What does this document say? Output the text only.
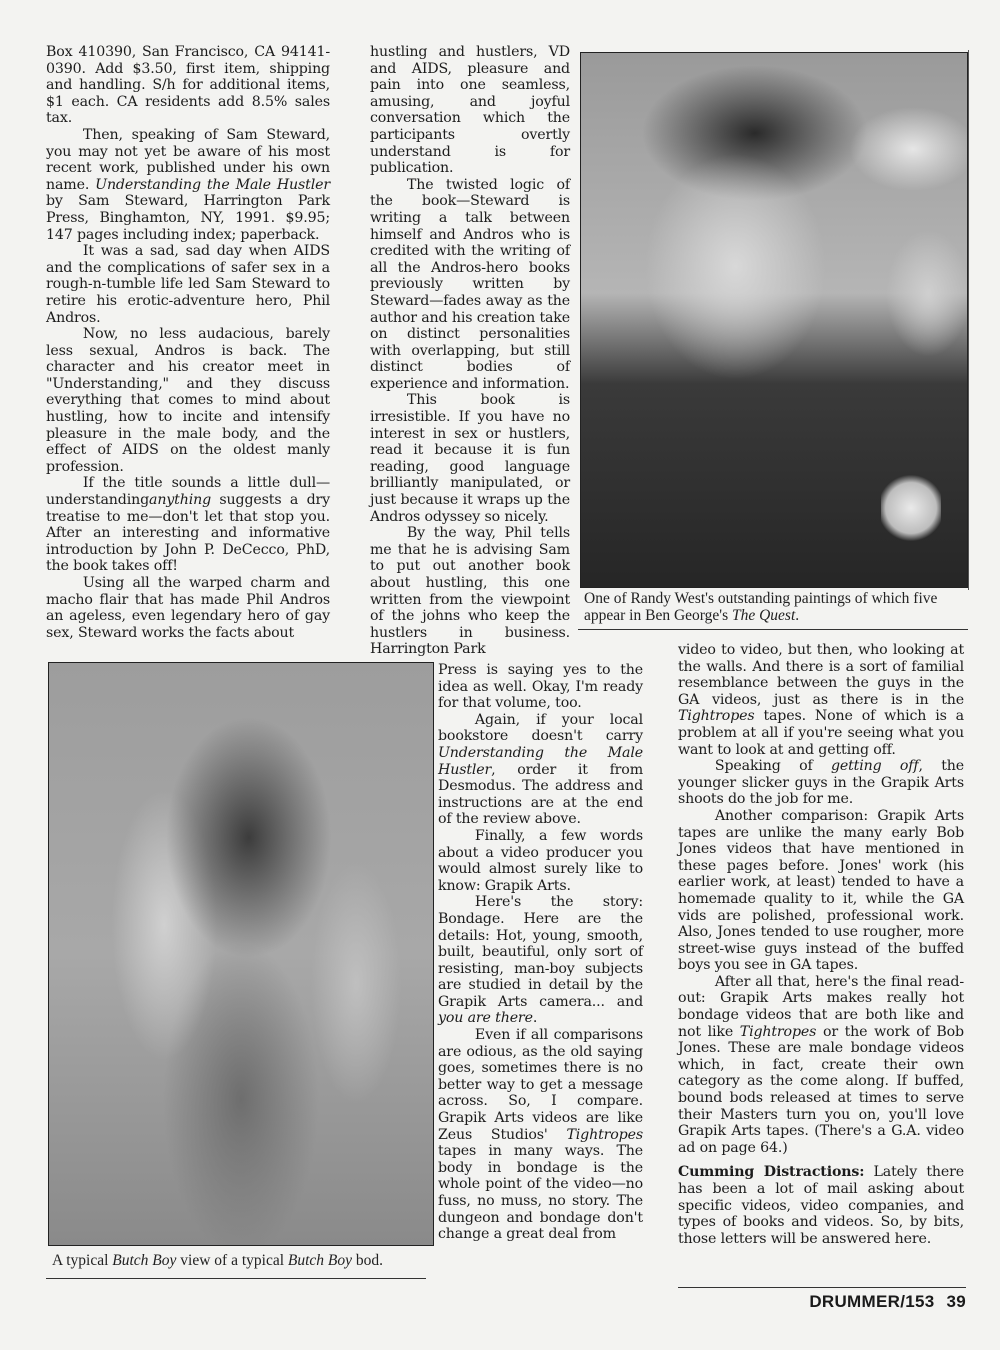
Box 410390, San Francisco, CA 94141-0390. Add $3.50, first item, shipping and handling. S/h for additional items, $1 each. CA residents add 8.5% sales tax.

Then, speaking of Sam Steward, you may not yet be aware of his most recent work, published under his own name. Understanding the Male Hustler by Sam Steward, Harrington Park Press, Binghamton, NY, 1991. $9.95; 147 pages including index; paperback.

It was a sad, sad day when AIDS and the complications of safer sex in a rough-n-tumble life led Sam Steward to retire his erotic-adventure hero, Phil Andros.

Now, no less audacious, barely less sexual, Andros is back. The character and his creator meet in "Understanding," and they discuss everything that comes to mind about hustling, how to incite and intensify pleasure in the male body, and the effect of AIDS on the oldest manly profession.

If the title sounds a little dull—understandinganything suggests a dry treatise to me—don't let that stop you. After an interesting and informative introduction by John P. DeCecco, PhD, the book takes off!

Using all the warped charm and macho flair that has made Phil Andros an ageless, even legendary hero of gay sex, Steward works the facts about

hustling and hustlers, VD and AIDS, pleasure and pain into one seamless, amusing, and joyful conversation which the participants overtly understand is for publication.

The twisted logic of the book—Steward is writing a talk between himself and Andros who is credited with the writing of all the Andros-hero books previously written by Steward—fades away as the author and his creation take on distinct personalities with overlapping, but still distinct bodies of experience and information.

This book is irresistible. If you have no interest in sex or hustlers, read it because it is fun reading, good language brilliantly manipulated, or just because it wraps up the Andros odyssey so nicely.

By the way, Phil tells me that he is advising Sam to put out another book about hustling, this one written from the viewpoint of the johns who keep the hustlers in business. Harrington Park

Press is saying yes to the idea as well. Okay, I'm ready for that volume, too.

Again, if your local bookstore doesn't carry Understanding the Male Hustler, order it from Desmodus. The address and instructions are at the end of the review above.

Finally, a few words about a video producer you would almost surely like to know: Grapik Arts.

Here's the story: Bondage. Here are the details: Hot, young, smooth, built, beautiful, only sort of resisting, man-boy subjects are studied in detail by the Grapik Arts camera... and you are there.

Even if all comparisons are odious, as the old saying goes, sometimes there is no better way to get a message across. So, I compare. Grapik Arts videos are like Zeus Studios' Tightropes tapes in many ways. The body in bondage is the whole point of the video—no fuss, no muss, no story. The dungeon and bondage don't change a great deal from

video to video, but then, who looking at the walls. And there is a sort of familial resemblance between the guys in the GA videos, just as there is in the Tightropes tapes. None of which is a problem at all if you're seeing what you want to look at and getting off.

Speaking of getting off, the younger slicker guys in the Grapik Arts shoots do the job for me.

Another comparison: Grapik Arts tapes are unlike the many early Bob Jones videos that have mentioned in these pages before. Jones' work (his earlier work, at least) tended to have a homemade quality to it, while the GA vids are polished, professional work. Also, Jones tended to use rougher, more street-wise guys instead of the buffed boys you see in GA tapes.

After all that, here's the final read-out: Grapik Arts makes really hot bondage videos that are both like and not like Tightropes or the work of Bob Jones. These are male bondage videos which, in fact, create their own category as the come along. If buffed, bound bods released at times to serve their Masters turn you on, you'll love Grapik Arts tapes. (There's a G.A. video ad on page 64.)

Cumming Distractions: Lately there has been a lot of mail asking about specific videos, video companies, and types of books and videos. So, by bits, those letters will be answered here.

One of Randy West's outstanding paintings of which five appear in Ben George's The Quest.
A typical Butch Boy view of a typical Butch Boy bod.
DRUMMER/153 39
